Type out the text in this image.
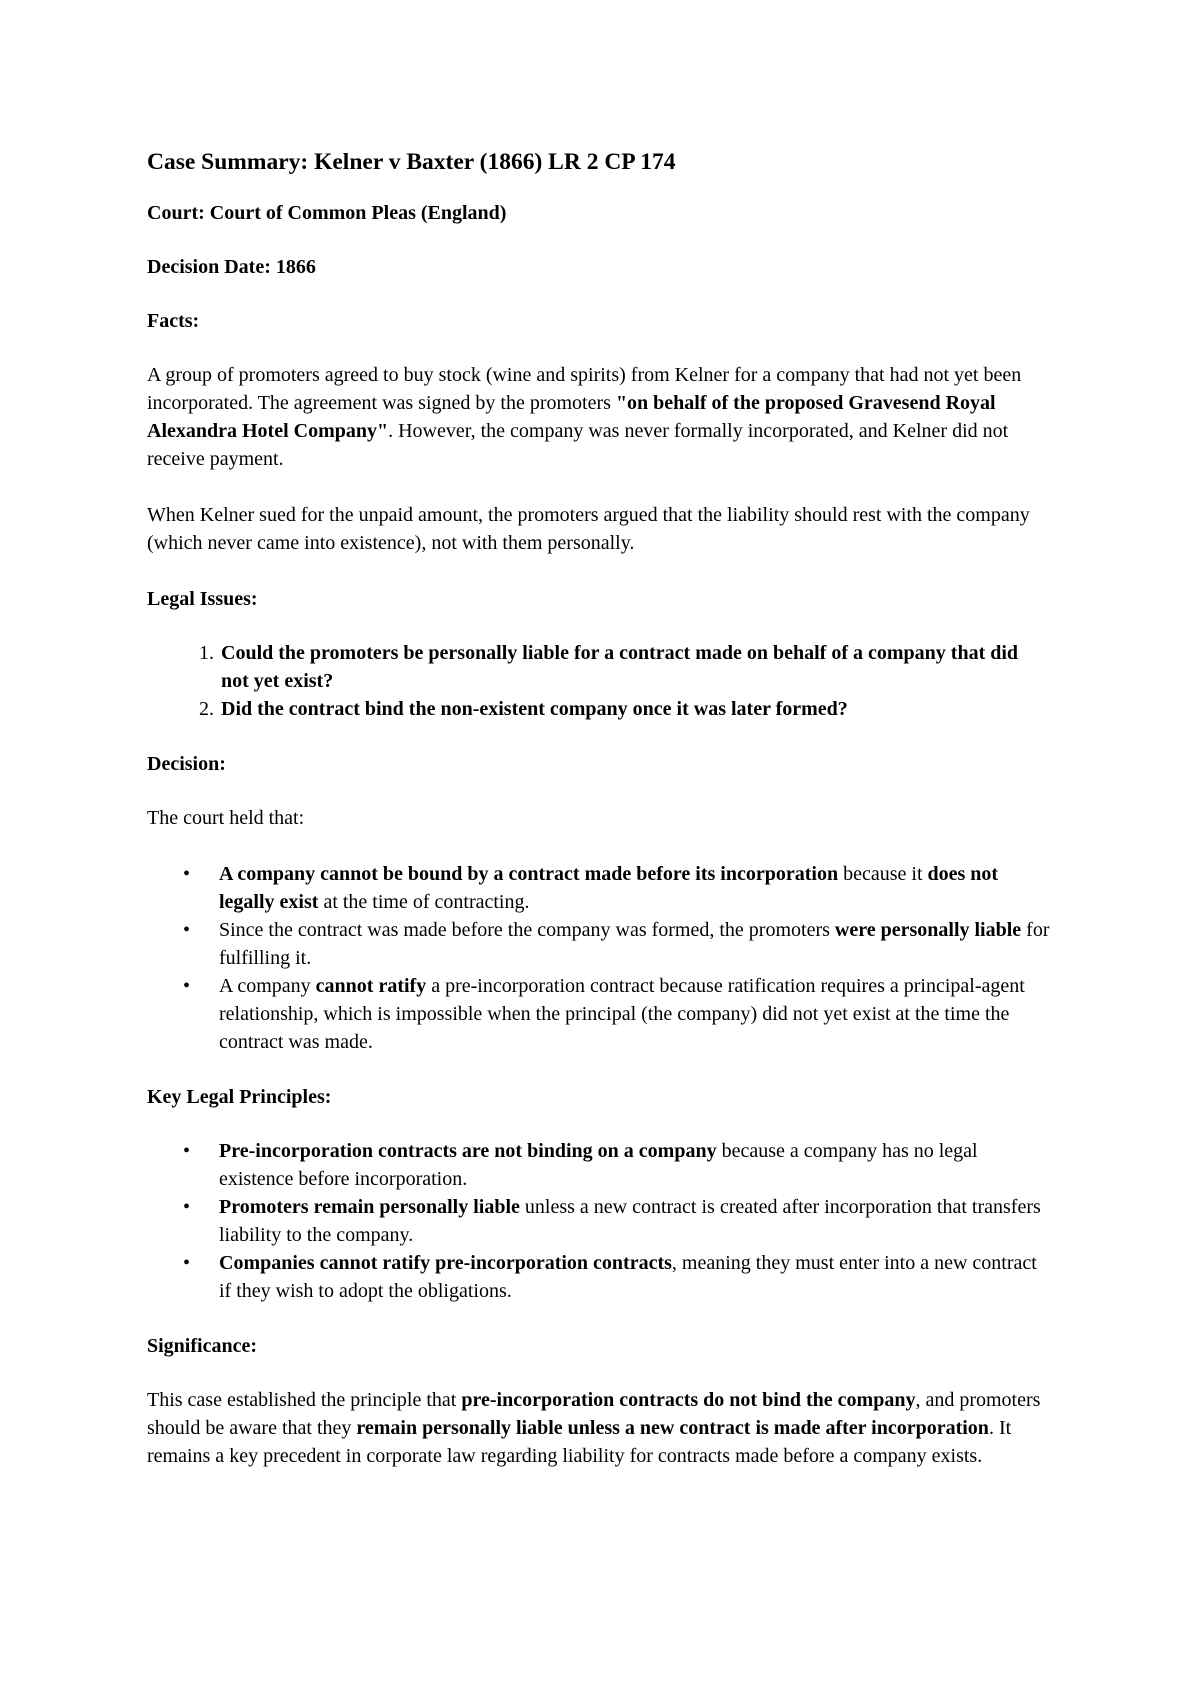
Case Summary: Kelner v Baxter (1866) LR 2 CP 174
Court: Court of Common Pleas (England)
Decision Date: 1866
Facts:

A group of promoters agreed to buy stock (wine and spirits) from Kelner for a company that had not yet been incorporated. The agreement was signed by the promoters "on behalf of the proposed Gravesend Royal Alexandra Hotel Company". However, the company was never formally incorporated, and Kelner did not receive payment.

When Kelner sued for the unpaid amount, the promoters argued that the liability should rest with the company (which never came into existence), not with them personally.

Legal Issues:
1. Could the promoters be personally liable for a contract made on behalf of a company that did not yet exist?
2. Did the contract bind the non-existent company once it was later formed?
Decision:

The court held that:

• A company cannot be bound by a contract made before its incorporation because it does not legally exist at the time of contracting.
• Since the contract was made before the company was formed, the promoters were personally liable for fulfilling it.
• A company cannot ratify a pre-incorporation contract because ratification requires a principal-agent relationship, which is impossible when the principal (the company) did not yet exist at the time the contract was made.
Key Legal Principles:
• Pre-incorporation contracts are not binding on a company because a company has no legal existence before incorporation.
• Promoters remain personally liable unless a new contract is created after incorporation that transfers liability to the company.
• Companies cannot ratify pre-incorporation contracts, meaning they must enter into a new contract if they wish to adopt the obligations.
Significance:

This case established the principle that pre-incorporation contracts do not bind the company, and promoters should be aware that they remain personally liable unless a new contract is made after incorporation. It remains a key precedent in corporate law regarding liability for contracts made before a company exists.
